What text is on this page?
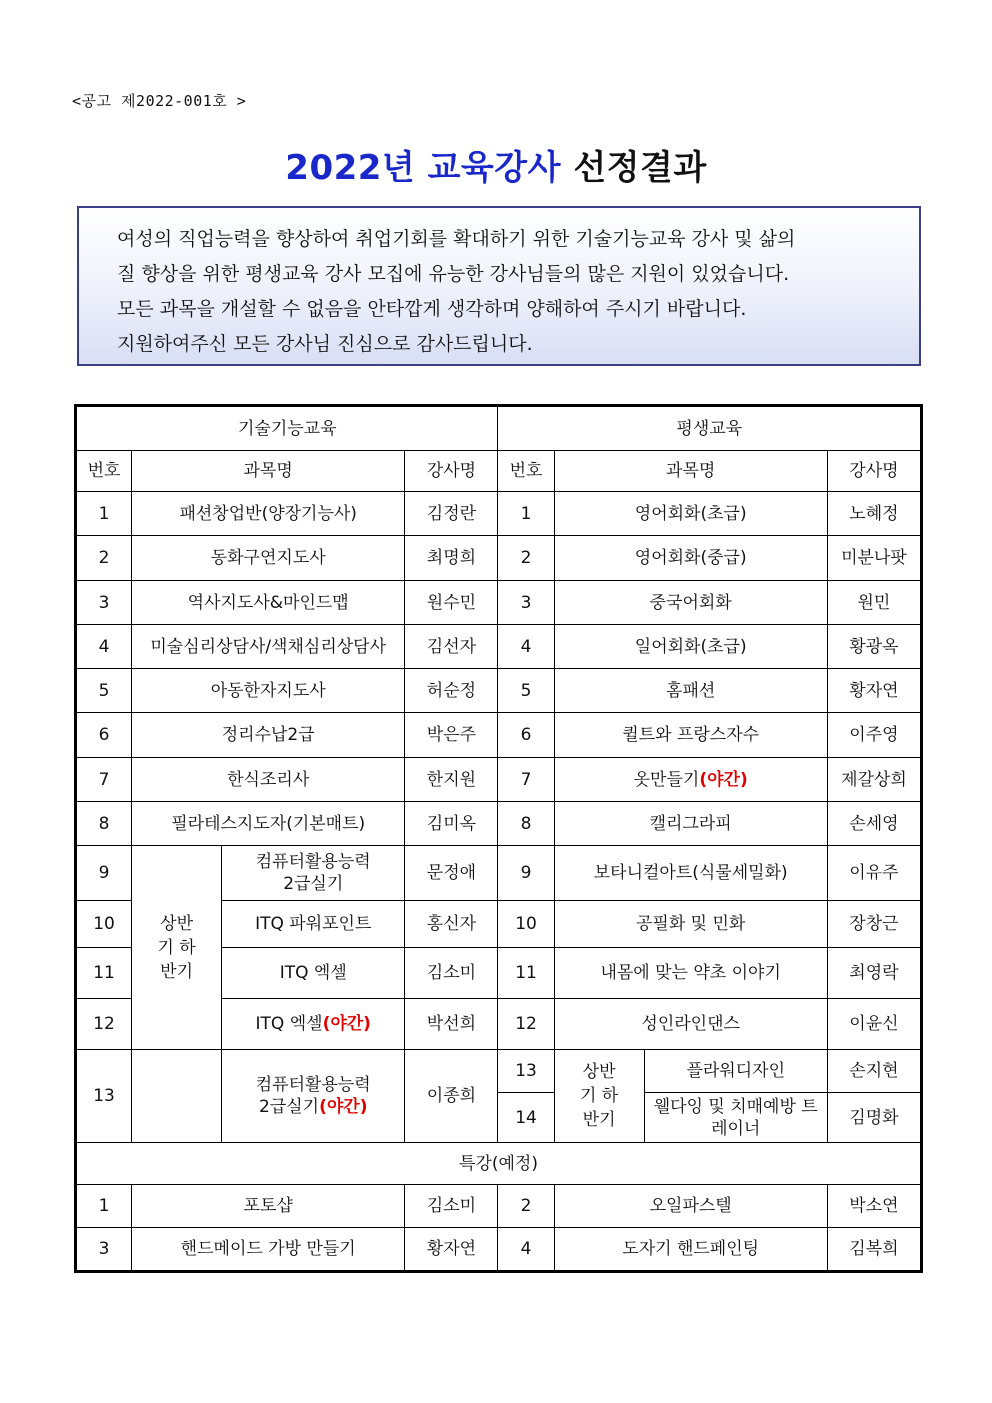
<공고 제2022-001호 >
2022년 교육강사 선정결과

여성의 직업능력을 향상하여 취업기회를 확대하기 위한 기술기능교육 강사 및 삶의

질 향상을 위한 평생교육 강사 모집에 유능한 강사님들의 많은 지원이 있었습니다.

모든 과목을 개설할 수 없음을 안타깝게 생각하며 양해하여 주시기 바랍니다.

지원하여주신 모든 강사님 진심으로 감사드립니다.

기술기능교육				평생교육			
번호	과목명		강사명	번호	과목명		강사명
1	패션창업반(양장기능사)		김정란	1	영어회화(초급)		노혜정
2	동화구연지도사		최명희	2	영어회화(중급)		미분나팟
3	역사지도사&마인드맵		원수민	3	중국어회화		원민
4	미술심리상담사/색채심리상담사		김선자	4	일어회화(초급)		황광옥
5	아동한자지도사		허순정	5	홈패션		황자연
6	정리수납2급		박은주	6	퀼트와 프랑스자수		이주영
7	한식조리사		한지원	7	옷만들기(야간)		제갈상희
8	필라테스지도자(기본매트)		김미옥	8	캘리그라피		손세영
9	상반기 하반기	컴퓨터활용능력 2급실기	문정애	9	보타니컬아트(식물세밀화)		이유주
10		ITQ 파워포인트	홍신자	10	공필화 및 민화		장창근
11		ITQ 엑셀	김소미	11	내몸에 맞는 약초 이야기		최영락
12		ITQ 엑셀(야간)	박선희	12	성인라인댄스		이윤신
13		컴퓨터활용능력 2급실기(야간)	이종희	13	상반기 하반기	플라워디자인	손지현
				14		웰다잉 및 치매예방 트레이너	김명화
특강(예정)							
1	포토샵		김소미	2	오일파스텔		박소연
3	핸드메이드 가방 만들기		황자연	4	도자기 핸드페인팅		김복희
